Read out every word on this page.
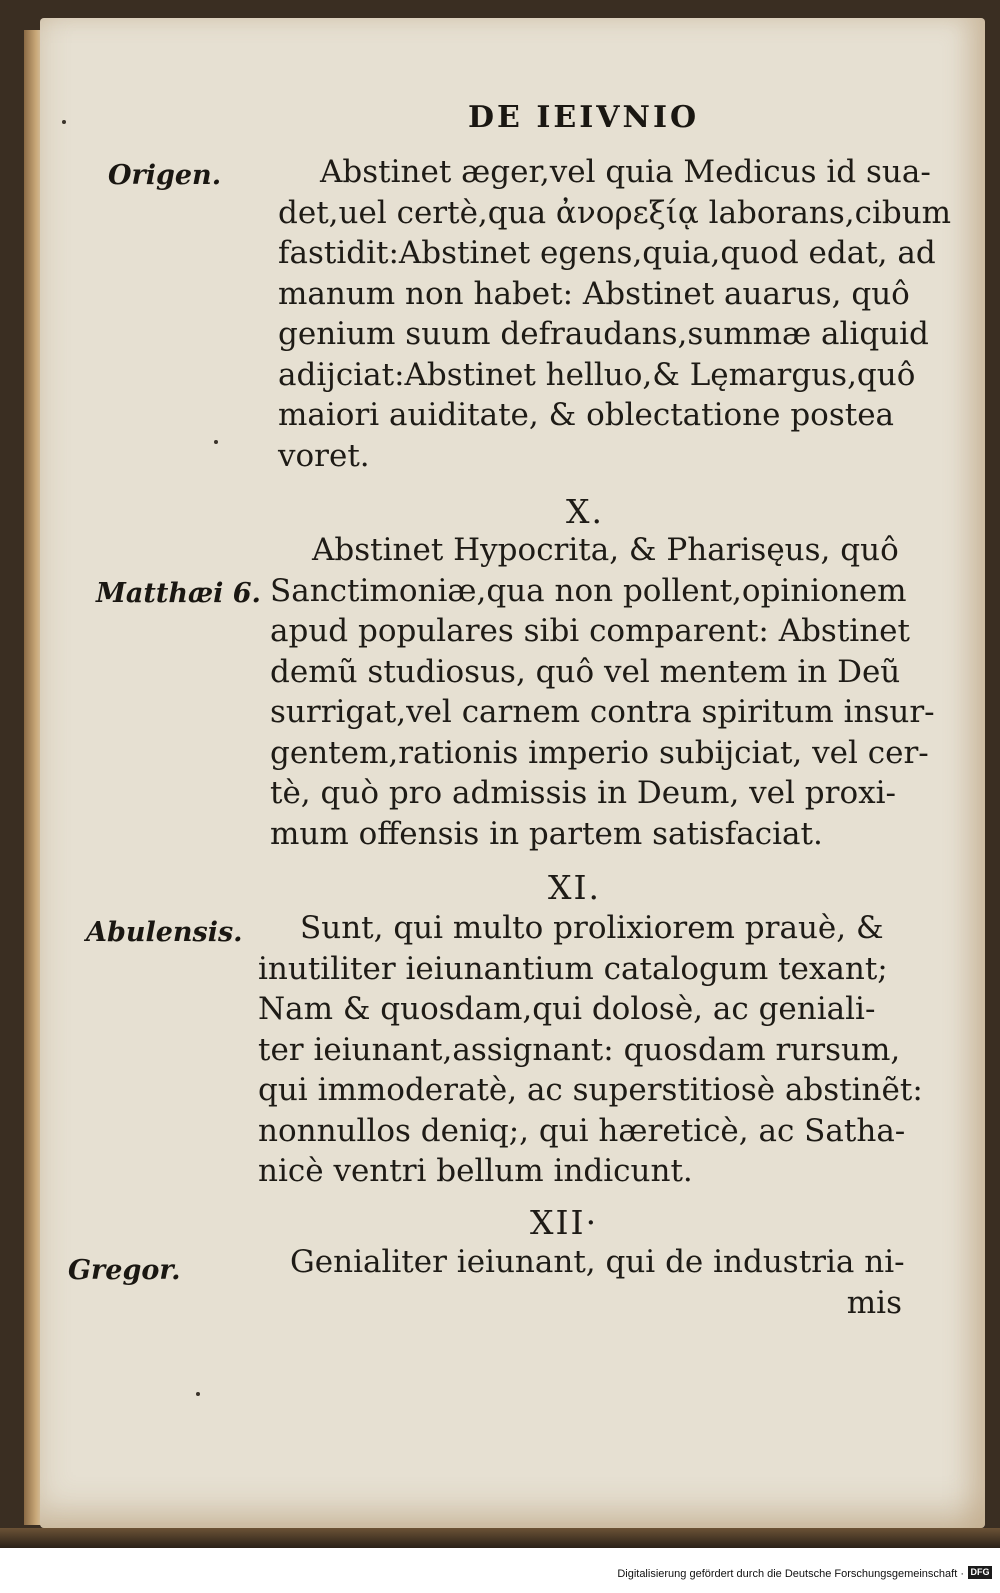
DE IEIVNIO
Origen.
Matthæi 6.
Abulensis.
Gregor.
Abstinet æger,vel quia Medicus id sua-
det,uel certè,qua ἀνορεξίᾳ laborans,cibum
fastidit:Abstinet egens,quia,quod edat, ad
manum non habet: Abstinet auarus, quô
genium suum defraudans,summæ aliquid
adijciat:Abstinet helluo,& Lęmargus,quô
maiori auiditate, & oblectatione postea
voret.
X.
Abstinet Hypocrita, & Pharisęus, quô
Sanctimoniæ,qua non pollent,opinionem
apud populares sibi comparent: Abstinet
demũ studiosus, quô vel mentem in Deũ
surrigat,vel carnem contra spiritum insur-
gentem,rationis imperio subijciat, vel cer-
tè, quò pro admissis in Deum, vel proxi-
mum offensis in partem satisfaciat.
XI.
Sunt, qui multo prolixiorem prauè, &
inutiliter ieiunantium catalogum texant;
Nam & quosdam,qui dolosè, ac geniali-
ter ieiunant,assignant: quosdam rursum,
qui immoderatè, ac superstitiosè abstinẽt:
nonnullos deniq;, qui hæreticè, ac Satha-
nicè ventri bellum indicunt.
XII·
Genialiter ieiunant, qui de industria ni-
mis
Digitalisierung gefördert durch die Deutsche Forschungsgemeinschaft · DFG
